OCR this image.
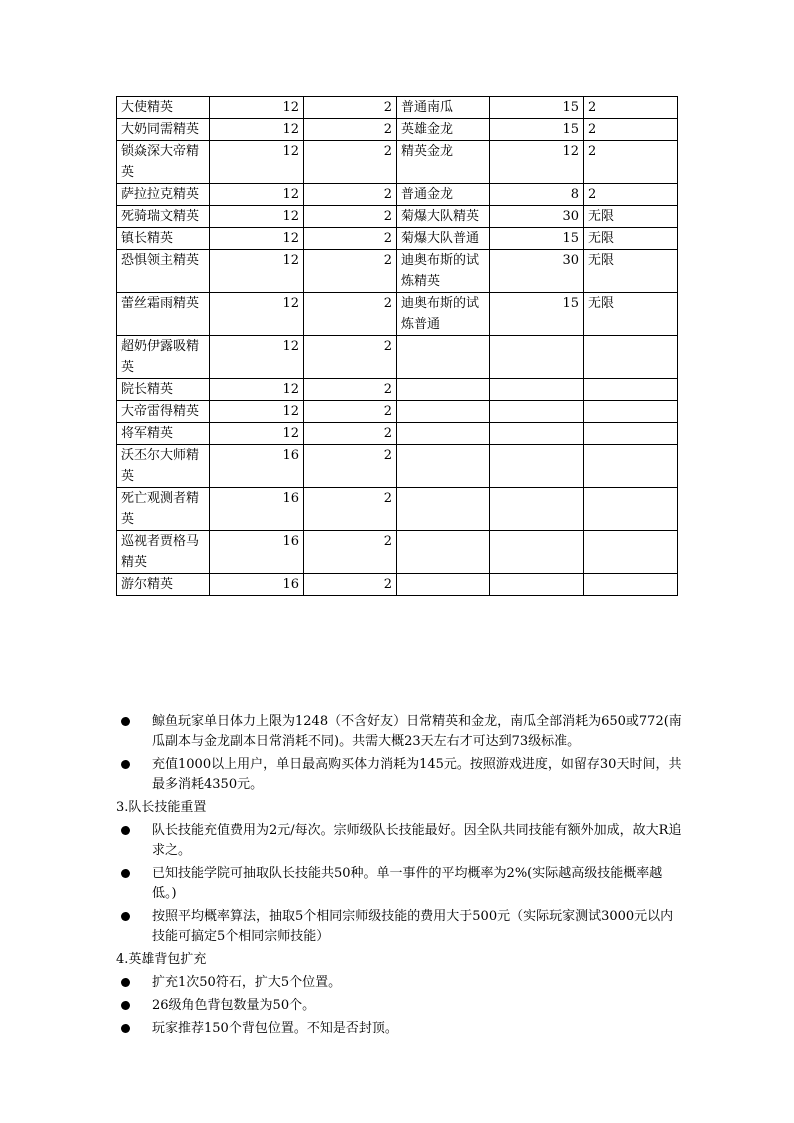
大使精英	12	2	普通南瓜	15	2
大奶同需精英	12	2	英雄金龙	15	2
锁焱深大帝精英	12	2	精英金龙	12	2
萨拉拉克精英	12	2	普通金龙	8	2
死骑瑞文精英	12	2	菊爆大队精英	30	无限
镇长精英	12	2	菊爆大队普通	15	无限
恐惧领主精英	12	2	迪奥布斯的试炼精英	30	无限
蕾丝霜雨精英	12	2	迪奥布斯的试炼普通	15	无限
超奶伊露吸精英	12	2			
院长精英	12	2			
大帝雷得精英	12	2			
将军精英	12	2			
沃丕尔大师精英	16	2			
死亡观测者精英	16	2			
巡视者贾格马精英	16	2			
游尔精英	16	2			
鲸鱼玩家单日体力上限为1248（不含好友）日常精英和金龙，南瓜全部消耗为650或772(南瓜副本与金龙副本日常消耗不同)。共需大概23天左右才可达到73级标准。
充值1000以上用户，单日最高购买体力消耗为145元。按照游戏进度，如留存30天时间，共最多消耗4350元。
3.队长技能重置
队长技能充值费用为2元/每次。宗师级队长技能最好。因全队共同技能有额外加成，故大R追求之。
已知技能学院可抽取队长技能共50种。单一事件的平均概率为2%(实际越高级技能概率越低。)
按照平均概率算法，抽取5个相同宗师级技能的费用大于500元（实际玩家测试3000元以内技能可搞定5个相同宗师技能）
4.英雄背包扩充
扩充1次50符石，扩大5个位置。
26级角色背包数量为50个。
玩家推荐150个背包位置。不知是否封顶。
